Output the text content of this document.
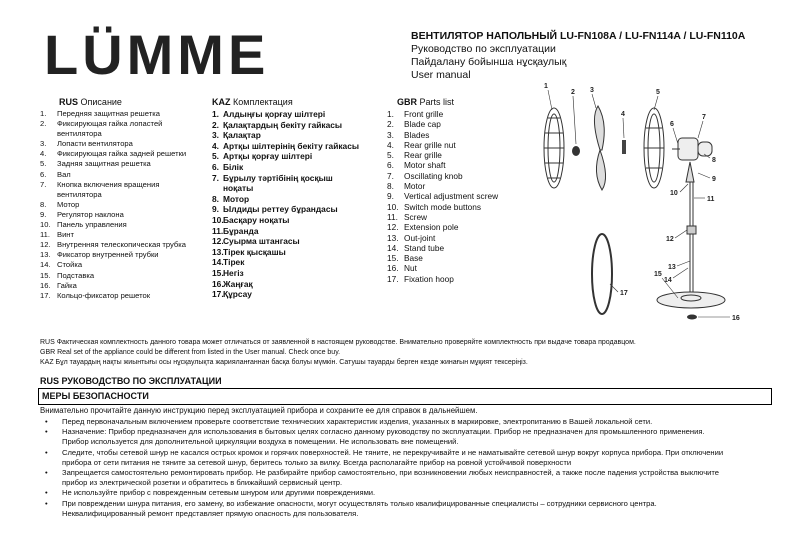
LÜMME	ВЕНТИЛЯТОР НАПОЛЬНЫЙ LU-FN108A / LU-FN114A / LU-FN110A
Руководство по эксплуатации
Пайдалану бойынша нұсқаулық
User manual
RUS Описание
1.	Передняя защитная решетка
2.	Фиксирующая гайка лопастей
вентилятора
3.	Лопасти вентилятора
4.	Фиксирующая гайка задней решетки
5.	Задняя защитная решетка
6.	Вал
7.	Кнопка включения вращения
вентилятора
8.	Мотор
9.	Регулятор наклона
10. Панель управления
11. Винт
12. Внутренняя телескопическая трубка
13. Фиксатор внутренней трубки
14. Стойка
15. Подставка
16. Гайка
17. Кольцо-фиксатор решеток
KAZ Комплектация
1. Алдыңғы қорғау шілтері
2. Қалақтардың бекіту гайкасы
3. Қалақтар
4. Артқы шілтерінің бекіту гайкасы
5. Артқы қорғау шілтері
6. Білік
7. Бұрылу тәртібінің қосқыш
ноқаты
8. Мотор
9. Ылдиды реттеу бұрандасы
10. Басқару ноқаты
11. Бұранда
12. Суырма штангасы
13. Тірек қысқашы
14. Тірек
15. Негіз
16. Жаңғақ
17. Құрсау
GBR Parts list
1.	Front grille
2.	Blade cap
3.	Blades
4.	Rear grille nut
5.	Rear grille
6.	Motor shaft
7.	Oscillating knob
8.	Motor
9.	Vertical adjustment screw
10. Switch mode buttons
11. Screw
12. Extension pole
13. Out-joint
14. Stand tube
15. Base
16. Nut
17. Fixation hoop
1
2 3
4
5
6
7
8
9
10
11
12
13
14
15
16
17
RUS Фактическая комплектность данного товара может отличаться от заявленной в настоящем руководстве. Внимательно проверяйте комплектность при выдаче товара продавцом.
GBR Real set of the appliance could be different from listed in the User manual. Check once buy.
KAZ Бұл тауардың нақты жиынтығы осы нұсқаулықта жарияланғаннан басқа болуы мүмкін. Сатушы тауарды берген кезде жинағын мұқият тексеріңіз.
RUS РУКОВОДСТВО ПО ЭКСПЛУАТАЦИИ
МЕРЫ БЕЗОПАСНОСТИ
Внимательно прочитайте данную инструкцию перед эксплуатацией прибора и сохраните ее для справок в дальнейшем.
• Перед первоначальным включением проверьте соответствие технических характеристик изделия, указанных в маркировке, электропитанию в Вашей локальной сети.
• Назначение: Прибор предназначен для использования в бытовых целях согласно данному руководству по эксплуатации. Прибор не предназначен для промышленного применения.
Прибор используется для дополнительной циркуляции воздуха в помещении. Не использовать вне помещений.
• Следите, чтобы сетевой шнур не касался острых кромок и горячих поверхностей. Не тяните, не перекручивайте и не наматывайте сетевой шнур вокруг корпуса прибора. При отключении
прибора от сети питания не тяните за сетевой шнур, беритесь только за вилку. Всегда располагайте прибор на ровной устойчивой поверхности
• Запрещается самостоятельно ремонтировать прибор. Не разбирайте прибор самостоятельно, при возникновении любых неисправностей, а также после падения устройства выключите
прибор из электрической розетки и обратитесь в ближайший сервисный центр.
• Не используйте прибор с поврежденным сетевым шнуром или другими повреждениями.
• При повреждении шнура питания, его замену, во избежание опасности, могут осуществлять только квалифицированные специалисты – сотрудники сервисного центра.
Неквалифицированный ремонт представляет прямую опасность для пользователя.
